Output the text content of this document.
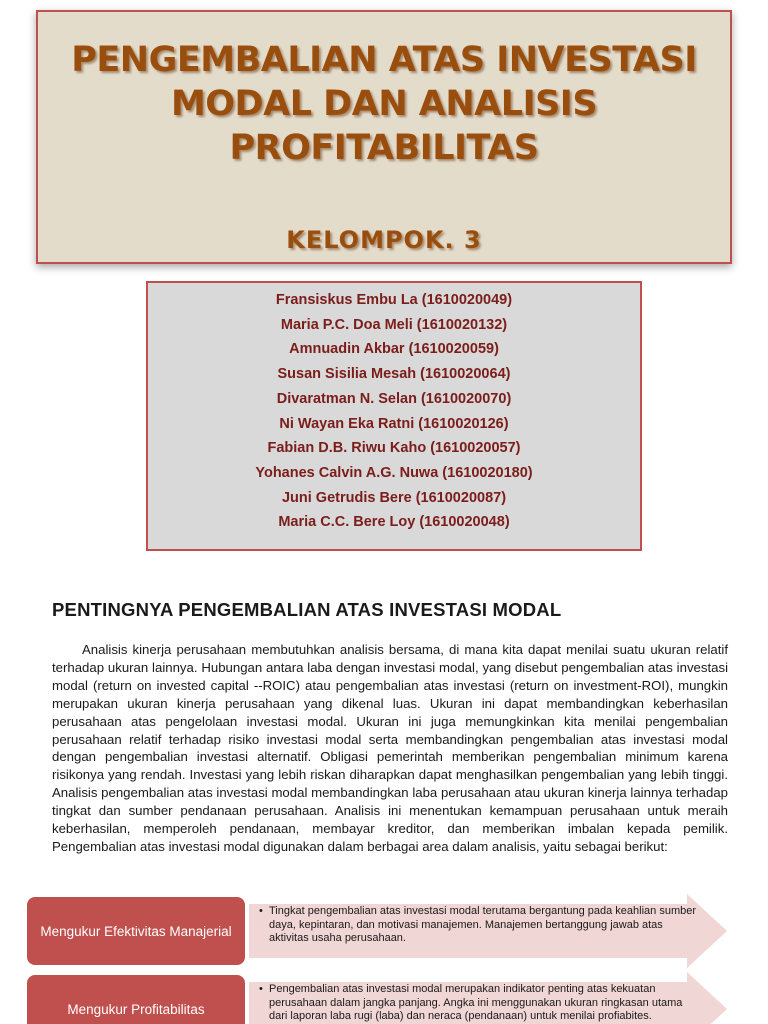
PENGEMBALIAN ATAS INVESTASI
MODAL DAN ANALISIS
PROFITABILITAS
KELOMPOK. 3
Fransiskus Embu La (1610020049)
Maria P.C. Doa Meli (1610020132)
Amnuadin Akbar (1610020059)
Susan Sisilia Mesah (1610020064)
Divaratman N. Selan (1610020070)
Ni Wayan Eka Ratni (1610020126)
Fabian D.B. Riwu Kaho (1610020057)
Yohanes Calvin A.G. Nuwa (1610020180)
Juni Getrudis Bere (1610020087)
Maria C.C. Bere Loy (1610020048)
PENTINGNYA PENGEMBALIAN ATAS INVESTASI MODAL

Analisis kinerja perusahaan membutuhkan analisis bersama, di mana kita dapat menilai suatu ukuran relatif terhadap ukuran lainnya. Hubungan antara laba dengan investasi modal, yang disebut pengembalian atas investasi modal (return on invested capital --ROIC) atau pengembalian atas investasi (return on investment-ROI), mungkin merupakan ukuran kinerja perusahaan yang dikenal luas. Ukuran ini dapat membandingkan keberhasilan perusahaan atas pengelolaan investasi modal. Ukuran ini juga memungkinkan kita menilai pengembalian perusahaan relatif terhadap risiko investasi modal serta membandingkan pengembalian atas investasi modal dengan pengembalian investasi alternatif. Obligasi pemerintah memberikan pengembalian minimum karena risikonya yang rendah. Investasi yang lebih riskan diharapkan dapat menghasilkan pengembalian yang lebih tinggi. Analisis pengembalian atas investasi modal membandingkan laba perusahaan atau ukuran kinerja lainnya terhadap tingkat dan sumber pendanaan perusahaan. Analisis ini menentukan kemampuan perusahaan untuk meraih keberhasilan, memperoleh pendanaan, membayar kreditor, dan memberikan imbalan kepada pemilik. Pengembalian atas investasi modal digunakan dalam berbagai area dalam analisis, yaitu sebagai berikut:

Mengukur Efektivitas Manajerial
• Tingkat pengembalian atas investasi modal terutama bergantung pada keahlian sumber daya, kepintaran, dan motivasi manajemen. Manajemen bertanggung jawab atas aktivitas usaha perusahaan.
Mengukur Profitabilitas
• Pengembalian atas investasi modal merupakan indikator penting atas kekuatan perusahaan dalam jangka panjang. Angka ini menggunakan ukuran ringkasan utama dari laporan laba rugi (laba) dan neraca (pendanaan) untuk menilai profiabites.
